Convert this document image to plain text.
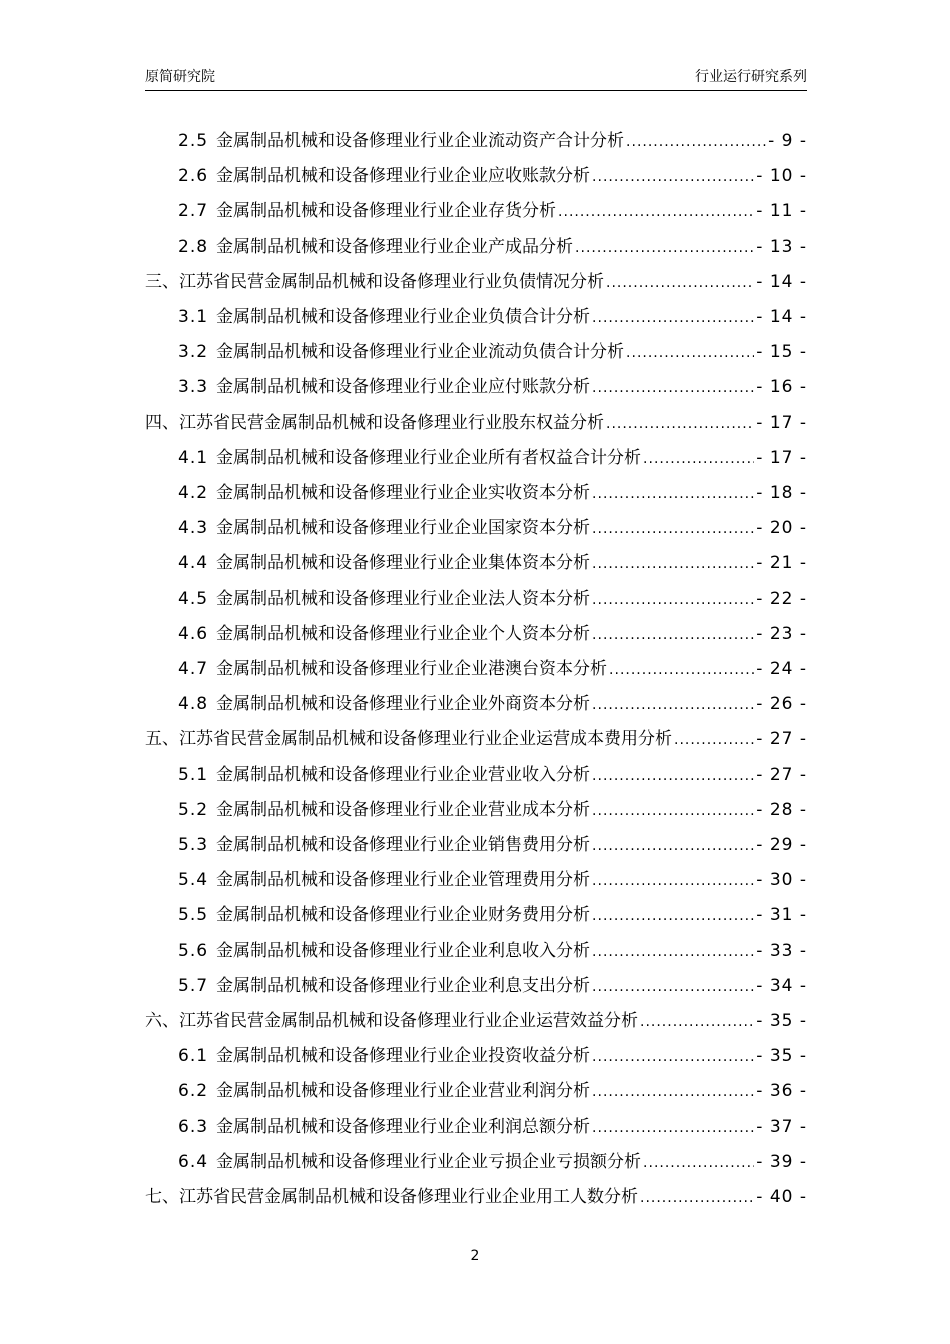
原简研究院	行业运行研究系列
2.5 金属制品机械和设备修理业行业企业流动资产合计分析 .....	- 9 -
2.6 金属制品机械和设备修理业行业企业应收账款分析 .....	- 10 -
2.7 金属制品机械和设备修理业行业企业存货分析 .....	- 11 -
2.8 金属制品机械和设备修理业行业企业产成品分析 .....	- 13 -
三、江苏省民营金属制品机械和设备修理业行业负债情况分析 .....	- 14 -
3.1 金属制品机械和设备修理业行业企业负债合计分析 .....	- 14 -
3.2 金属制品机械和设备修理业行业企业流动负债合计分析 .....	- 15 -
3.3 金属制品机械和设备修理业行业企业应付账款分析 .....	- 16 -
四、江苏省民营金属制品机械和设备修理业行业股东权益分析 .....	- 17 -
4.1 金属制品机械和设备修理业行业企业所有者权益合计分析 .....	- 17 -
4.2 金属制品机械和设备修理业行业企业实收资本分析 .....	- 18 -
4.3 金属制品机械和设备修理业行业企业国家资本分析 .....	- 20 -
4.4 金属制品机械和设备修理业行业企业集体资本分析 .....	- 21 -
4.5 金属制品机械和设备修理业行业企业法人资本分析 .....	- 22 -
4.6 金属制品机械和设备修理业行业企业个人资本分析 .....	- 23 -
4.7 金属制品机械和设备修理业行业企业港澳台资本分析 .....	- 24 -
4.8 金属制品机械和设备修理业行业企业外商资本分析 .....	- 26 -
五、江苏省民营金属制品机械和设备修理业行业企业运营成本费用分析 .....	- 27 -
5.1 金属制品机械和设备修理业行业企业营业收入分析 .....	- 27 -
5.2 金属制品机械和设备修理业行业企业营业成本分析 .....	- 28 -
5.3 金属制品机械和设备修理业行业企业销售费用分析 .....	- 29 -
5.4 金属制品机械和设备修理业行业企业管理费用分析 .....	- 30 -
5.5 金属制品机械和设备修理业行业企业财务费用分析 .....	- 31 -
5.6 金属制品机械和设备修理业行业企业利息收入分析 .....	- 33 -
5.7 金属制品机械和设备修理业行业企业利息支出分析 .....	- 34 -
六、江苏省民营金属制品机械和设备修理业行业企业运营效益分析 .....	- 35 -
6.1 金属制品机械和设备修理业行业企业投资收益分析 .....	- 35 -
6.2 金属制品机械和设备修理业行业企业营业利润分析 .....	- 36 -
6.3 金属制品机械和设备修理业行业企业利润总额分析 .....	- 37 -
6.4 金属制品机械和设备修理业行业企业亏损企业亏损额分析 .....	- 39 -
七、江苏省民营金属制品机械和设备修理业行业企业用工人数分析 .....	- 40 -
2
